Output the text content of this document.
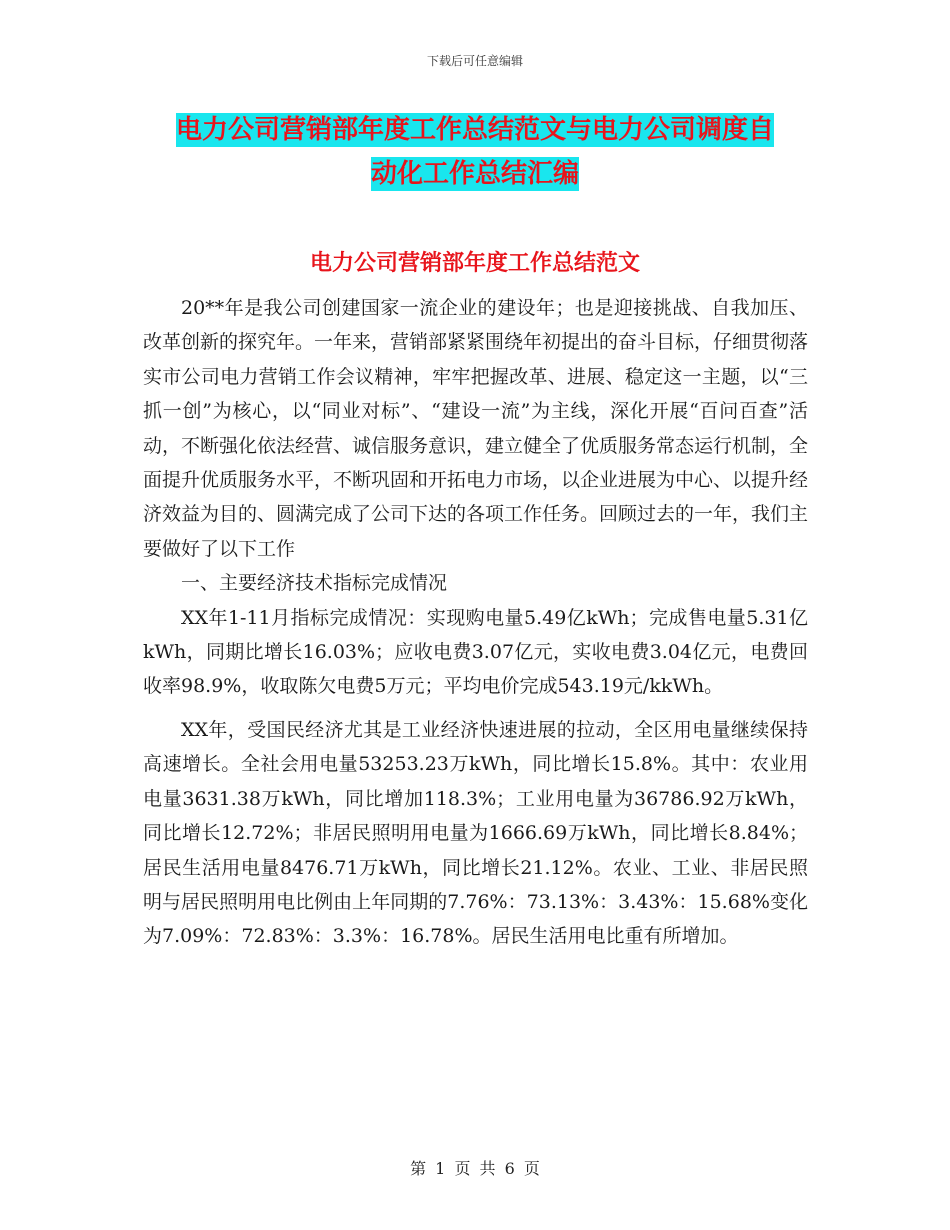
下载后可任意编辑
电力公司营销部年度工作总结范文与电力公司调度自
动化工作总结汇编
电力公司营销部年度工作总结范文

20**年是我公司创建国家一流企业的建设年；也是迎接挑战、自我加压、改革创新的探究年。一年来，营销部紧紧围绕年初提出的奋斗目标，仔细贯彻落实市公司电力营销工作会议精神，牢牢把握改革、进展、稳定这一主题，以“三抓一创”为核心，以“同业对标”、“建设一流”为主线，深化开展“百问百查”活动，不断强化依法经营、诚信服务意识，建立健全了优质服务常态运行机制，全面提升优质服务水平，不断巩固和开拓电力市场，以企业进展为中心、以提升经济效益为目的、圆满完成了公司下达的各项工作任务。回顾过去的一年，我们主要做好了以下工作

一、主要经济技术指标完成情况

XX年1-11月指标完成情况：实现购电量5.49亿kWh；完成售电量5.31亿kWh，同期比增长16.03%；应收电费3.07亿元，实收电费3.04亿元，电费回收率98.9%，收取陈欠电费5万元；平均电价完成543.19元/kkWh。

XX年，受国民经济尤其是工业经济快速进展的拉动，全区用电量继续保持高速增长。全社会用电量53253.23万kWh，同比增长15.8%。其中：农业用电量3631.38万kWh，同比增加118.3%；工业用电量为36786.92万kWh，同比增长12.72%；非居民照明用电量为1666.69万kWh，同比增长8.84%；居民生活用电量8476.71万kWh，同比增长21.12%。农业、工业、非居民照明与居民照明用电比例由上年同期的7.76%：73.13%：3.43%：15.68%变化为7.09%：72.83%：3.3%：16.78%。居民生活用电比重有所增加。

第 1 页 共 6 页
